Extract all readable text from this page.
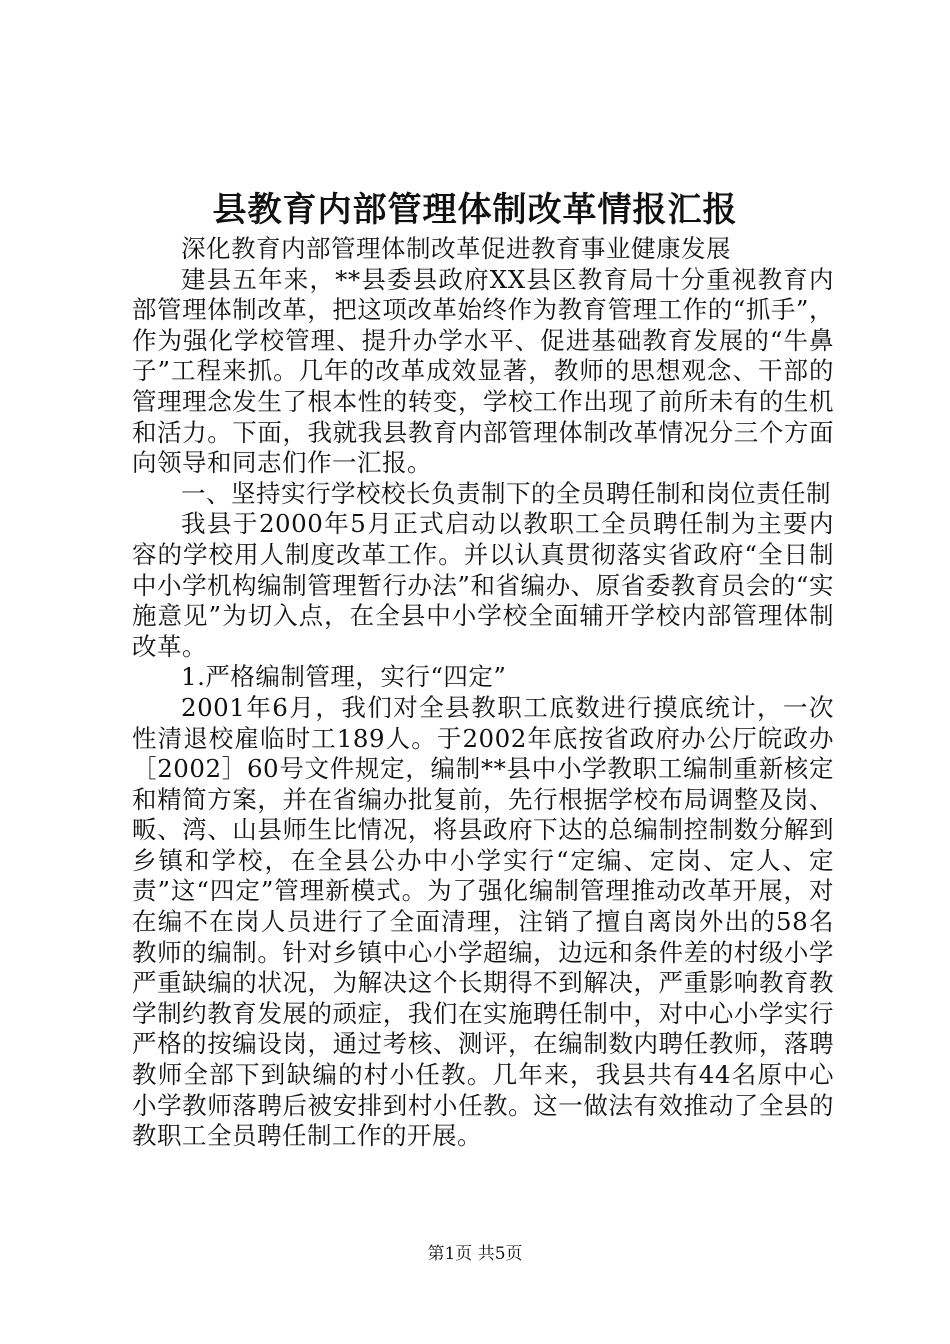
县教育内部管理体制改革情报汇报

深化教育内部管理体制改革促进教育事业健康发展

建县五年来，**县委县政府XX县区教育局十分重视教育内部管理体制改革，把这项改革始终作为教育管理工作的“抓手”，作为强化学校管理、提升办学水平、促进基础教育发展的“牛鼻子”工程来抓。几年的改革成效显著，教师的思想观念、干部的管理理念发生了根本性的转变，学校工作出现了前所未有的生机和活力。下面，我就我县教育内部管理体制改革情况分三个方面向领导和同志们作一汇报。

一、坚持实行学校校长负责制下的全员聘任制和岗位责任制

我县于2000年5月正式启动以教职工全员聘任制为主要内容的学校用人制度改革工作。并以认真贯彻落实省政府“全日制中小学机构编制管理暂行办法”和省编办、原省委教育员会的“实施意见”为切入点，在全县中小学校全面辅开学校内部管理体制改革。

1.严格编制管理，实行“四定”

2001年6月，我们对全县教职工底数进行摸底统计，一次性清退校雇临时工189人。于2002年底按省政府办公厅皖政办［2002］60号文件规定，编制**县中小学教职工编制重新核定和精简方案，并在省编办批复前，先行根据学校布局调整及岗、畈、湾、山县师生比情况，将县政府下达的总编制控制数分解到乡镇和学校，在全县公办中小学实行“定编、定岗、定人、定责”这“四定”管理新模式。为了强化编制管理推动改革开展，对在编不在岗人员进行了全面清理，注销了擅自离岗外出的58名教师的编制。针对乡镇中心小学超编，边远和条件差的村级小学严重缺编的状况，为解决这个长期得不到解决，严重影响教育教学制约教育发展的顽症，我们在实施聘任制中，对中心小学实行严格的按编设岗，通过考核、测评，在编制数内聘任教师，落聘教师全部下到缺编的村小任教。几年来，我县共有44名原中心小学教师落聘后被安排到村小任教。这一做法有效推动了全县的教职工全员聘任制工作的开展。

第1页 共5页
